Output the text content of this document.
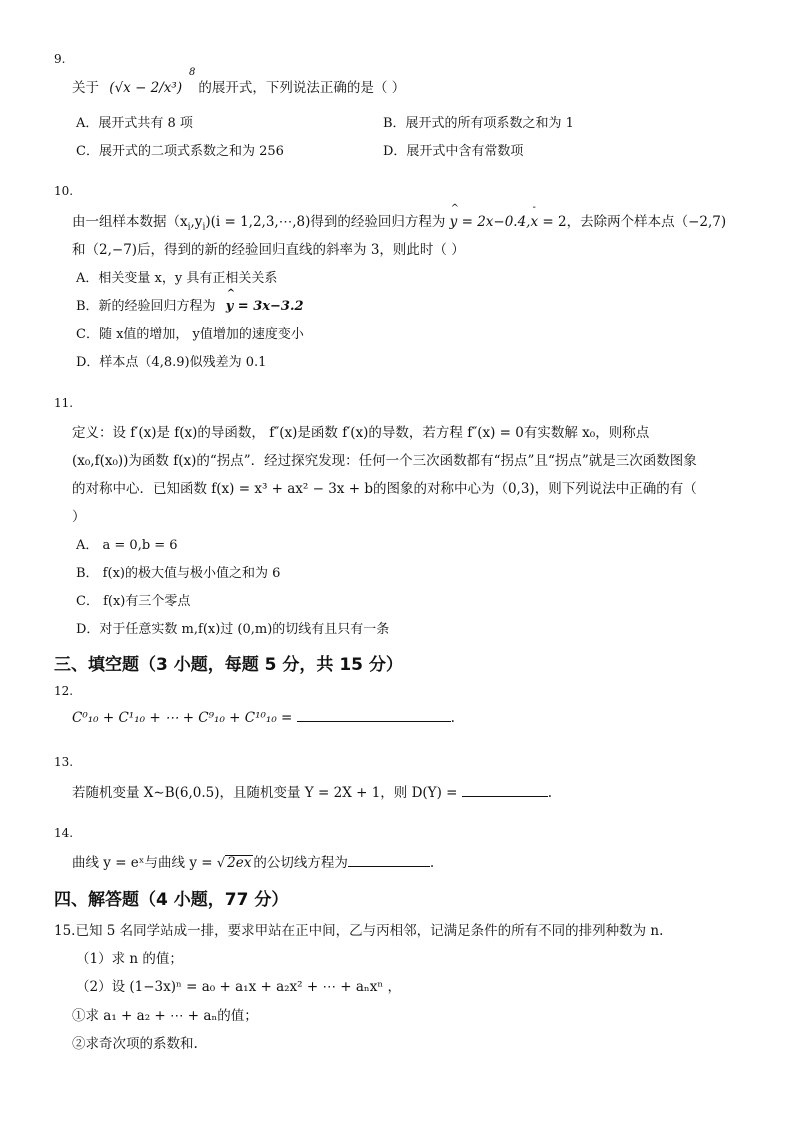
9.
关于 (√x − 2/x³)
8
的展开式，下列说法正确的是（ ）
A．展开式共有 8 项	B．展开式的所有项系数之和为 1
C．展开式的二项式系数之和为 256	D．展开式中含有常数项
10.
由一组样本数据$(x_i,y_i)(i$ = 1,2,3,⋯,8)得到的经验回归方程为 ^ y = 2x−0.4,- x = 2，去除两个样本点（−2,7)
和（2,−7)后，得到的新的经验回归直线的斜率为 3，则此时（ ）
A．相关变量 x，y 具有正相关关系
B．新的经验回归方程为 ^ y = 3x−3.2
C．随 x值的增加， y值增加的速度变小
D．样本点（4,8.9)似残差为 0.1
11.
定义：设 f′(x)是 f(x)的导函数， f″(x)是函数 f′(x)的导数，若方程 f″(x) = 0有实数解 x₀，则称点
(x₀,f(x₀))为函数 f(x)的“拐点”．经过探究发现：任何一个三次函数都有“拐点”且“拐点”就是三次函数图象
的对称中心．已知函数 f(x) = x³ + ax² − 3x + b的图象的对称中心为（0,3)，则下列说法中正确的有（
）
A． a = 0,b = 6
B． f(x)的极大值与极小值之和为 6
C． f(x)有三个零点
D．对于任意实数 m,f(x)过 (0,m)的切线有且只有一条
三、填空题（3 小题，每题 5 分，共 15 分）
12.
C⁰₁₀ + C¹₁₀ + ⋯ + C⁹₁₀ + C¹⁰₁₀ =	.
13.
若随机变量 X∼B(6,0.5)，且随机变量 Y = 2X + 1，则 D(Y) =	.
14.
曲线 y = eˣ与曲线 y = √ 2ex 的公切线方程为	.
四、解答题（4 小题，77 分）
15.已知 5 名同学站成一排，要求甲站在正中间，乙与丙相邻，记满足条件的所有不同的排列种数为 n.
（1）求 n 的值；
（2）设 (1−3x)ⁿ = a₀ + a₁x + a₂x² + ⋯ + aₙxⁿ ，
①求 a₁ + a₂ + ⋯ + aₙ的值；
②求奇次项的系数和.
